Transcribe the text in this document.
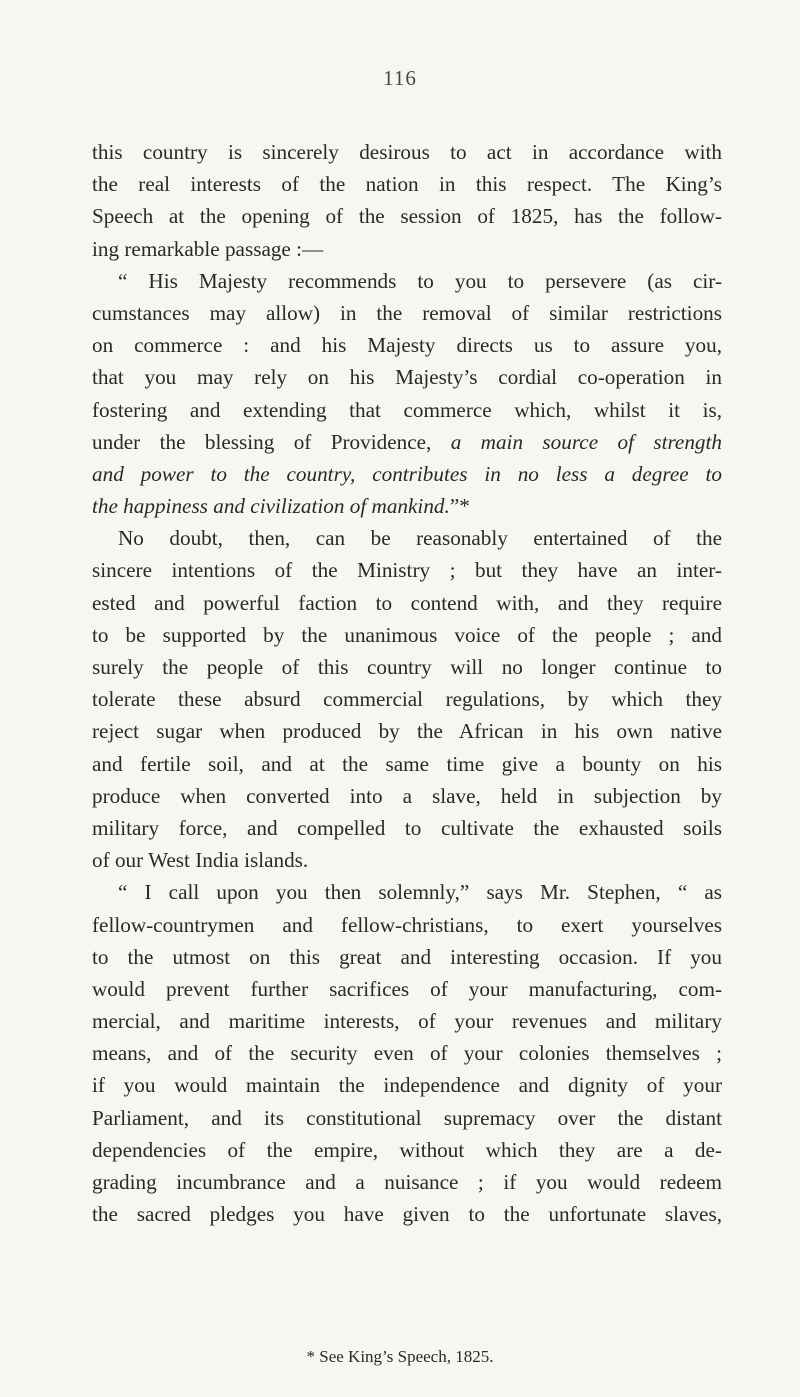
116
this country is sincerely desirous to act in accordance with
the real interests of the nation in this respect. The King’s
Speech at the opening of the session of 1825, has the follow-
ing remarkable passage :—
“ His Majesty recommends to you to persevere (as cir-
cumstances may allow) in the removal of similar restrictions
on commerce : and his Majesty directs us to assure you,
that you may rely on his Majesty’s cordial co-operation in
fostering and extending that commerce which, whilst it is,
under the blessing of Providence, a main source of strength
and power to the country, contributes in no less a degree to
the happiness and civilization of mankind.”*
No doubt, then, can be reasonably entertained of the
sincere intentions of the Ministry ; but they have an inter-
ested and powerful faction to contend with, and they require
to be supported by the unanimous voice of the people ; and
surely the people of this country will no longer continue to
tolerate these absurd commercial regulations, by which they
reject sugar when produced by the African in his own native
and fertile soil, and at the same time give a bounty on his
produce when converted into a slave, held in subjection by
military force, and compelled to cultivate the exhausted soils
of our West India islands.
“ I call upon you then solemnly,” says Mr. Stephen, “ as
fellow-countrymen and fellow-christians, to exert yourselves
to the utmost on this great and interesting occasion. If you
would prevent further sacrifices of your manufacturing, com-
mercial, and maritime interests, of your revenues and military
means, and of the security even of your colonies themselves ;
if you would maintain the independence and dignity of your
Parliament, and its constitutional supremacy over the distant
dependencies of the empire, without which they are a de-
grading incumbrance and a nuisance ; if you would redeem
the sacred pledges you have given to the unfortunate slaves,
* See King’s Speech, 1825.
